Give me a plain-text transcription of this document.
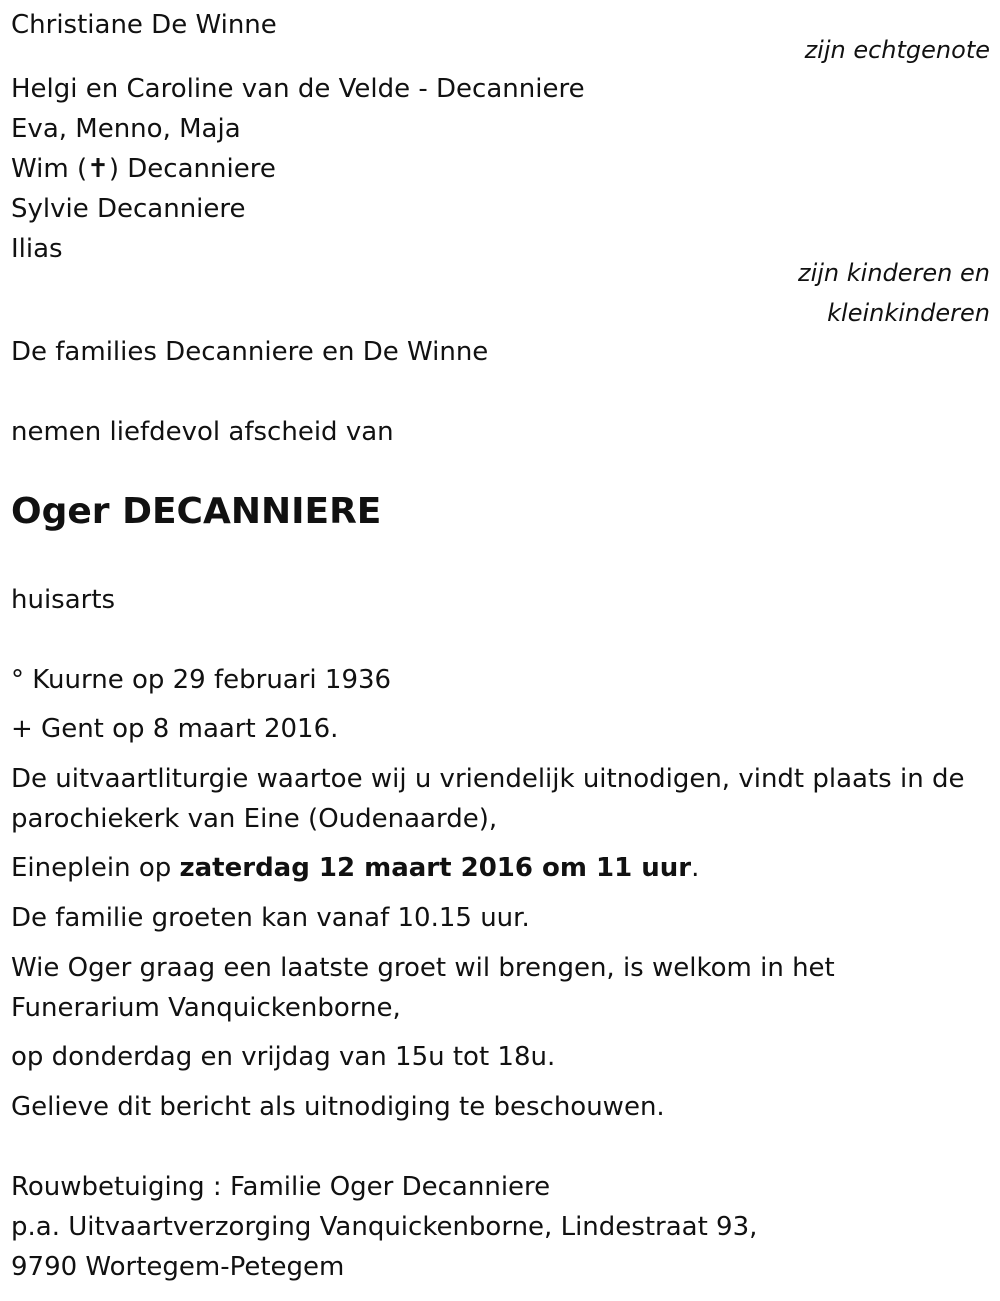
Christiane De Winne
zijn echtgenote
Helgi en Caroline van de Velde - Decanniere
Eva, Menno, Maja
Wim (✝) Decanniere
Sylvie Decanniere
Ilias
zijn kinderen en
kleinkinderen
De families Decanniere en De Winne
nemen liefdevol afscheid van
Oger DECANNIERE
huisarts
° Kuurne op 29 februari 1936
+ Gent op 8 maart 2016.
De uitvaartliturgie waartoe wij u vriendelijk uitnodigen, vindt plaats in de
parochiekerk van Eine (Oudenaarde),
Eineplein op zaterdag 12 maart 2016 om 11 uur.
De familie groeten kan vanaf 10.15 uur.
Wie Oger graag een laatste groet wil brengen, is welkom in het
Funerarium Vanquickenborne,
op donderdag en vrijdag van 15u tot 18u.
Gelieve dit bericht als uitnodiging te beschouwen.
Rouwbetuiging : Familie Oger Decanniere
p.a. Uitvaartverzorging Vanquickenborne, Lindestraat 93,
9790 Wortegem-Petegem
